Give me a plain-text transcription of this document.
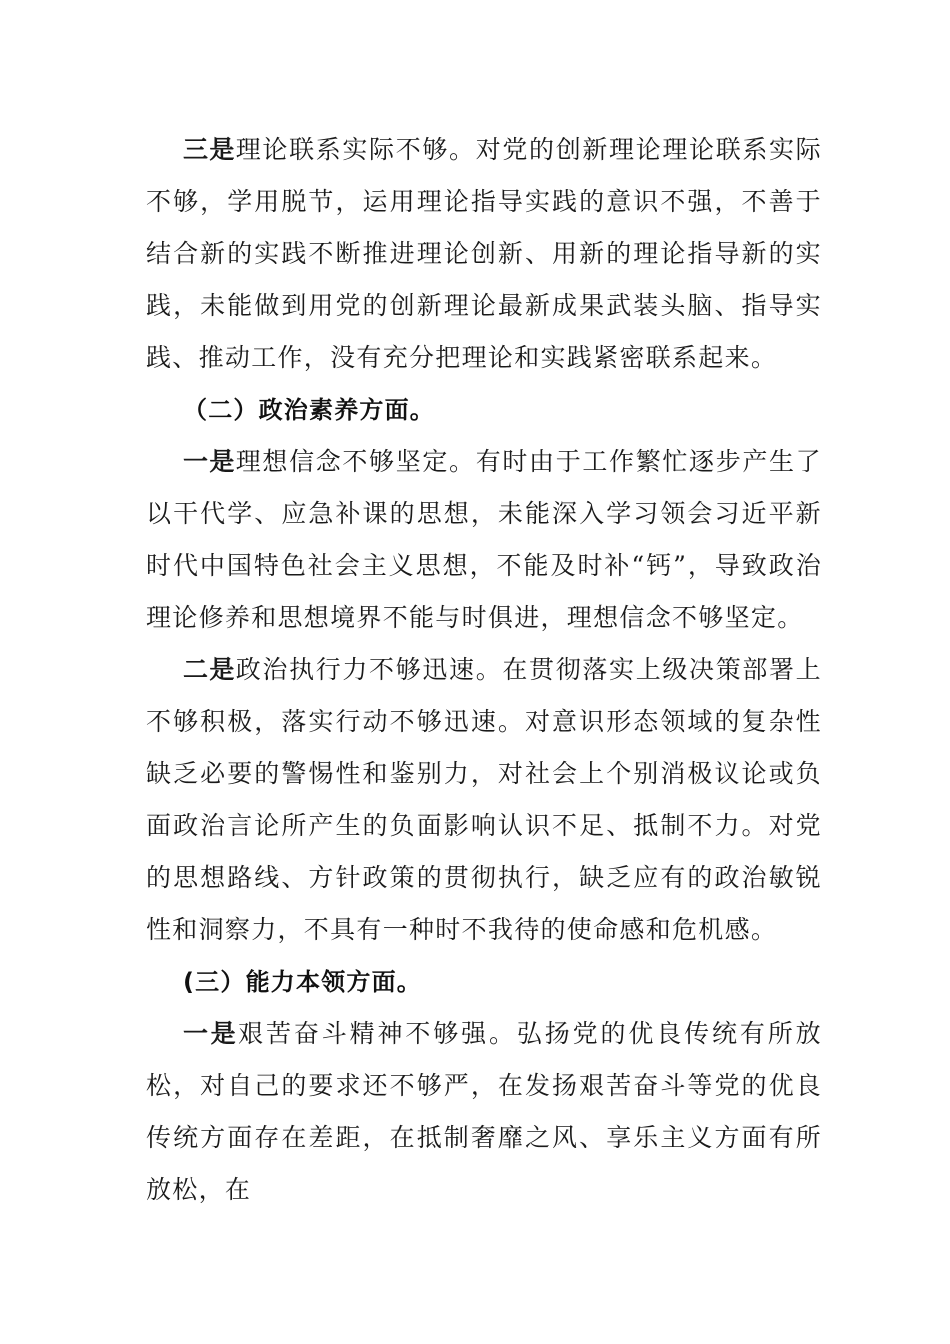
三是理论联系实际不够。对党的创新理论理论联系实际不够，学用脱节，运用理论指导实践的意识不强，不善于结合新的实践不断推进理论创新、用新的理论指导新的实践，未能做到用党的创新理论最新成果武装头脑、指导实践、推动工作，没有充分把理论和实践紧密联系起来。

（二）政治素养方面。

一是理想信念不够坚定。有时由于工作繁忙逐步产生了以干代学、应急补课的思想，未能深入学习领会习近平新时代中国特色社会主义思想，不能及时补“钙”，导致政治理论修养和思想境界不能与时俱进，理想信念不够坚定。

二是政治执行力不够迅速。在贯彻落实上级决策部署上不够积极，落实行动不够迅速。对意识形态领域的复杂性缺乏必要的警惕性和鉴别力，对社会上个别消极议论或负面政治言论所产生的负面影响认识不足、抵制不力。对党的思想路线、方针政策的贯彻执行，缺乏应有的政治敏锐性和洞察力，不具有一种时不我待的使命感和危机感。

(三）能力本领方面。

一是艰苦奋斗精神不够强。弘扬党的优良传统有所放松，对自己的要求还不够严，在发扬艰苦奋斗等党的优良传统方面存在差距，在抵制奢靡之风、享乐主义方面有所放松，在
